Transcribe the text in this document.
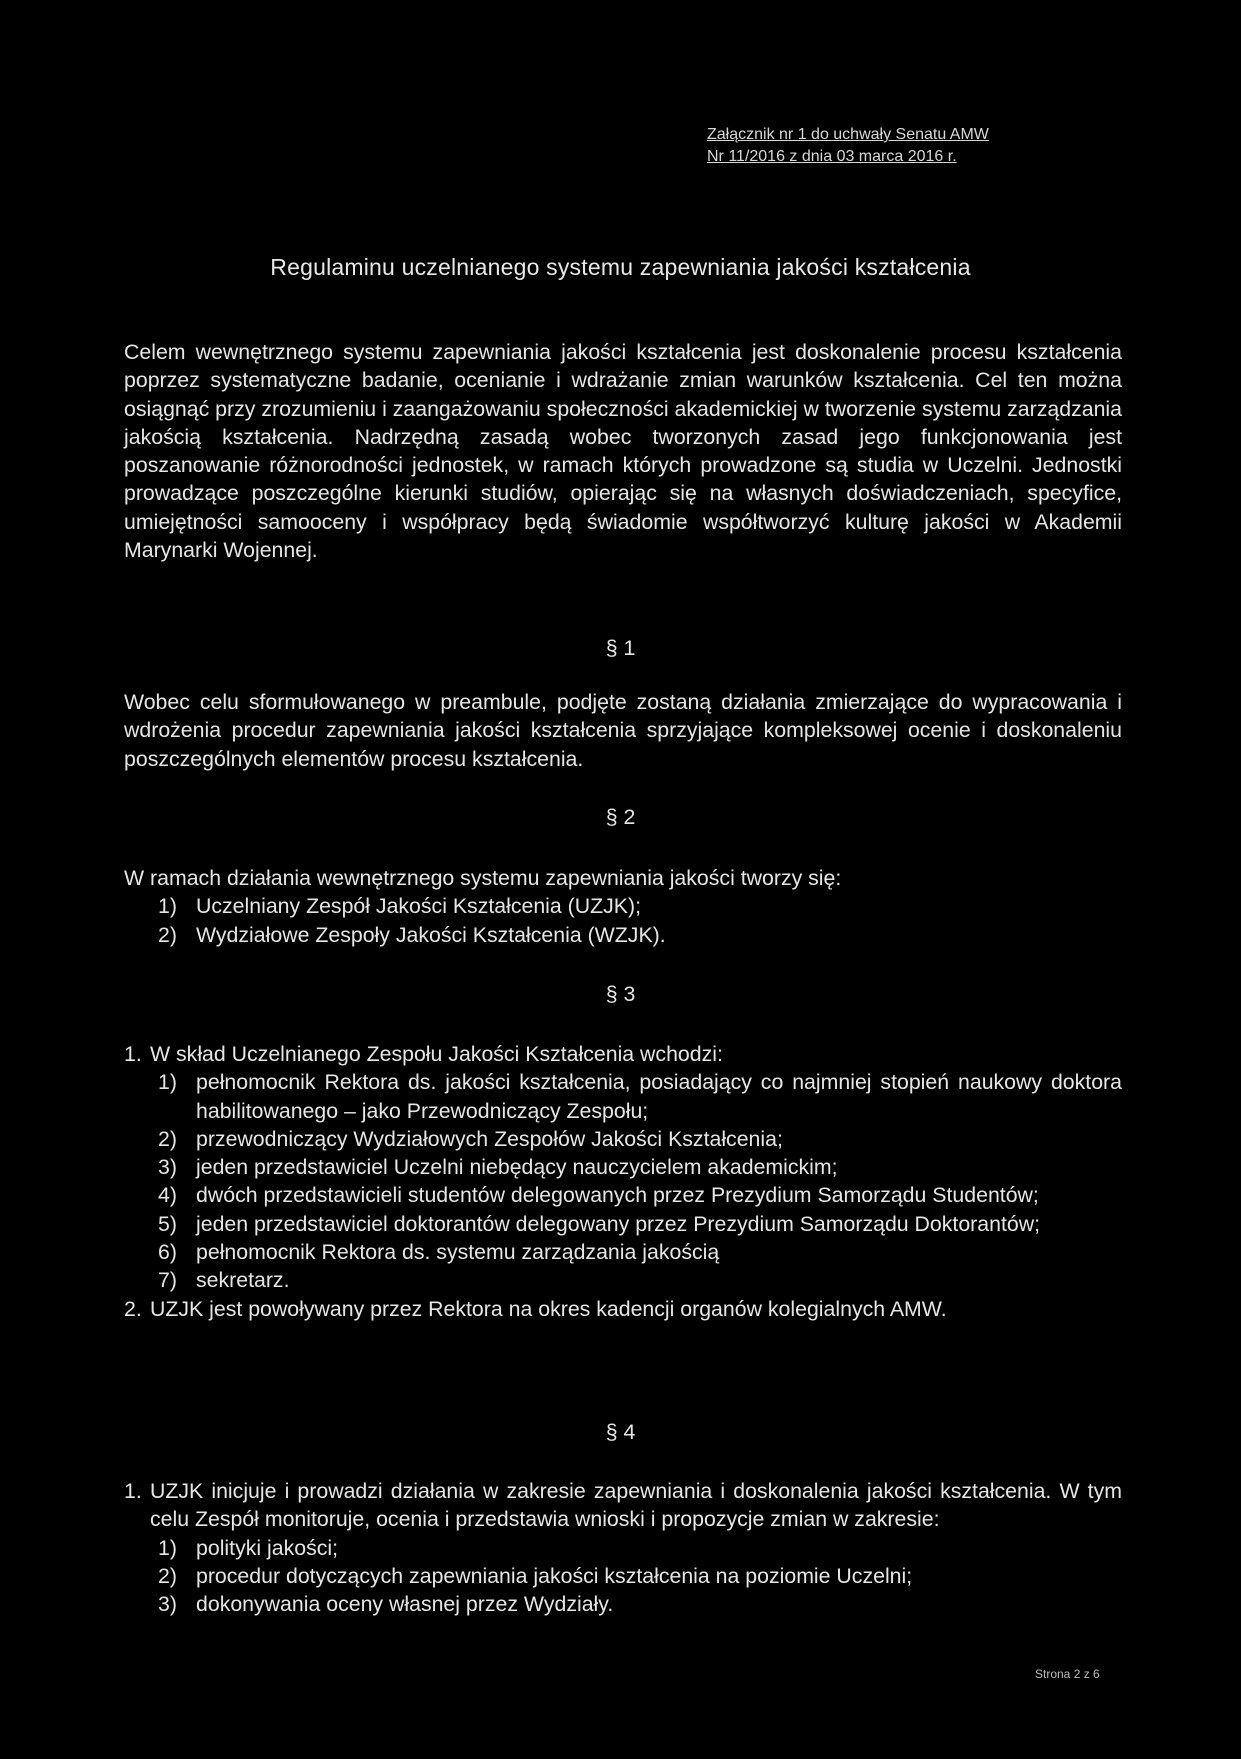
Załącznik nr 1 do uchwały Senatu AMW
Nr 11/2016 z dnia 03 marca 2016 r.
Regulaminu uczelnianego systemu zapewniania jakości kształcenia
Celem wewnętrznego systemu zapewniania jakości kształcenia jest doskonalenie procesu kształcenia poprzez systematyczne badanie, ocenianie i wdrażanie zmian warunków kształcenia. Cel ten można osiągnąć przy zrozumieniu i zaangażowaniu społeczności akademickiej w tworzenie systemu zarządzania jakością kształcenia. Nadrzędną zasadą wobec tworzonych zasad jego funkcjonowania jest poszanowanie różnorodności jednostek, w ramach których prowadzone są studia w Uczelni. Jednostki prowadzące poszczególne kierunki studiów, opierając się na własnych doświadczeniach, specyfice, umiejętności samooceny i współpracy będą świadomie współtworzyć kulturę jakości w Akademii Marynarki Wojennej.
§ 1
Wobec celu sformułowanego w preambule, podjęte zostaną działania zmierzające do wypracowania i wdrożenia procedur zapewniania jakości kształcenia sprzyjające kompleksowej ocenie i doskonaleniu poszczególnych elementów procesu kształcenia.
§ 2
W ramach działania wewnętrznego systemu zapewniania jakości tworzy się:
1) Uczelniany Zespół Jakości Kształcenia (UZJK);
2) Wydziałowe Zespoły Jakości Kształcenia (WZJK).
§ 3
1. W skład Uczelnianego Zespołu Jakości Kształcenia wchodzi:
1) pełnomocnik Rektora ds. jakości kształcenia, posiadający co najmniej stopień naukowy doktora habilitowanego – jako Przewodniczący Zespołu;
2) przewodniczący Wydziałowych Zespołów Jakości Kształcenia;
3) jeden przedstawiciel Uczelni niebędący nauczycielem akademickim;
4) dwóch przedstawicieli studentów delegowanych przez Prezydium Samorządu Studentów;
5) jeden przedstawiciel doktorantów delegowany przez Prezydium Samorządu Doktorantów;
6) pełnomocnik Rektora ds. systemu zarządzania jakością
7) sekretarz.
2. UZJK jest powoływany przez Rektora na okres kadencji organów kolegialnych AMW.
§ 4
1. UZJK inicjuje i prowadzi działania w zakresie zapewniania i doskonalenia jakości kształcenia. W tym celu Zespół monitoruje, ocenia i przedstawia wnioski i propozycje zmian w zakresie:
1) polityki jakości;
2) procedur dotyczących zapewniania jakości kształcenia na poziomie Uczelni;
3) dokonywania oceny własnej przez Wydziały.
Strona 2 z 6
